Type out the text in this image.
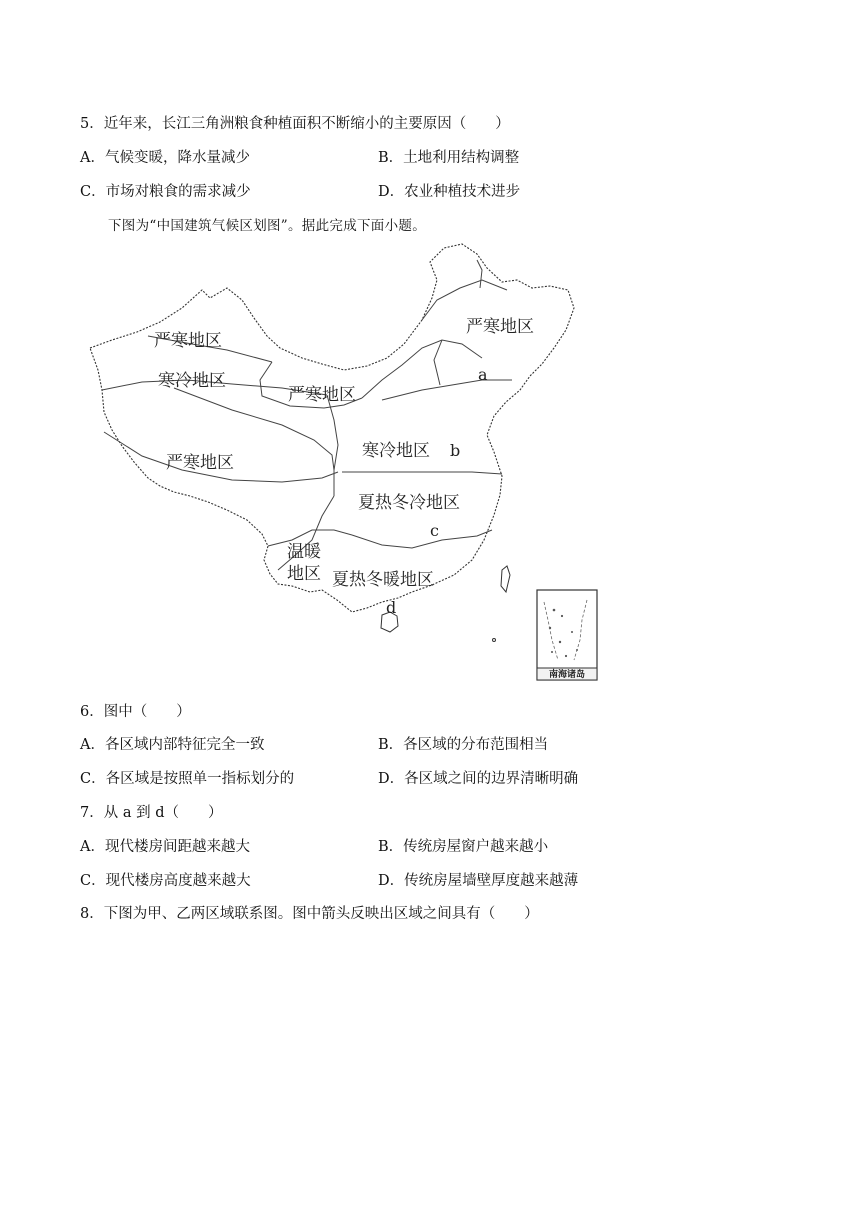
5．近年来，长江三角洲粮食种植面积不断缩小的主要原因（　　）
A．气候变暖，降水量减少	B．土地利用结构调整
C．市场对粮食的需求减少	D．农业种植技术进步
下图为“中国建筑气候区划图”。据此完成下面小题。
南海诸岛
严寒地区
严寒地区
寒冷地区
严寒地区
严寒地区
寒冷地区
夏热冬冷地区
温暖
地区 夏热冬暖地区
a
b
c
d
6．图中（　　）
A．各区域内部特征完全一致	B．各区域的分布范围相当
C．各区域是按照单一指标划分的	D．各区域之间的边界清晰明确
7．从 a 到 d（　　）
A．现代楼房间距越来越大	B．传统房屋窗户越来越小
C．现代楼房高度越来越大	D．传统房屋墙壁厚度越来越薄
8．下图为甲、乙两区域联系图。图中箭头反映出区域之间具有（　　）
